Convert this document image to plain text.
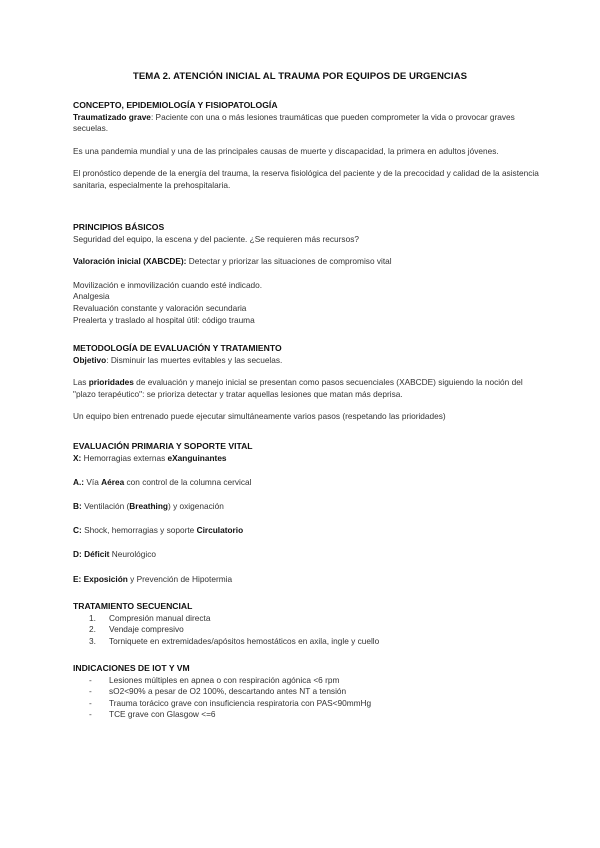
TEMA 2. ATENCIÓN INICIAL AL TRAUMA POR EQUIPOS DE URGENCIAS
CONCEPTO, EPIDEMIOLOGÍA Y FISIOPATOLOGÍA
Traumatizado grave: Paciente con una o más lesiones traumáticas que pueden comprometer la vida o provocar graves secuelas.
Es una pandemia mundial y una de las principales causas de muerte y discapacidad, la primera en adultos jóvenes.
El pronóstico depende de la energía del trauma, la reserva fisiológica del paciente y de la precocidad y calidad de la asistencia sanitaria, especialmente la prehospitalaria.
PRINCIPIOS BÁSICOS
Seguridad del equipo, la escena y del paciente. ¿Se requieren más recursos?
Valoración inicial (XABCDE): Detectar y priorizar las situaciones de compromiso vital
Movilización e inmovilización cuando esté indicado.
Analgesia
Revaluación constante y valoración secundaria
Prealerta y traslado al hospital útil: código trauma
METODOLOGÍA DE EVALUACIÓN Y TRATAMIENTO
Objetivo: Disminuir las muertes evitables y las secuelas.
Las prioridades de evaluación y manejo inicial se presentan como pasos secuenciales (XABCDE) siguiendo la noción del "plazo terapéutico": se prioriza detectar y tratar aquellas lesiones que matan más deprisa.
Un equipo bien entrenado puede ejecutar simultáneamente varios pasos (respetando las prioridades)
EVALUACIÓN PRIMARIA Y SOPORTE VITAL
X: Hemorragias externas eXanguinantes
A.: Vía Aérea con control de la columna cervical
B: Ventilación (Breathing) y oxigenación
C: Shock, hemorragias y soporte Circulatorio
D: Déficit Neurológico
E: Exposición y Prevención de Hipotermia
TRATAMIENTO SECUENCIAL
1. Compresión manual directa
2. Vendaje compresivo
3. Torniquete en extremidades/apósitos hemostáticos en axila, ingle y cuello
INDICACIONES DE IOT Y VM
- Lesiones múltiples en apnea o con respiración agónica <6 rpm
- sO2<90% a pesar de O2 100%, descartando antes NT a tensión
- Trauma torácico grave con insuficiencia respiratoria con PAS<90mmHg
- TCE grave con Glasgow <=6
